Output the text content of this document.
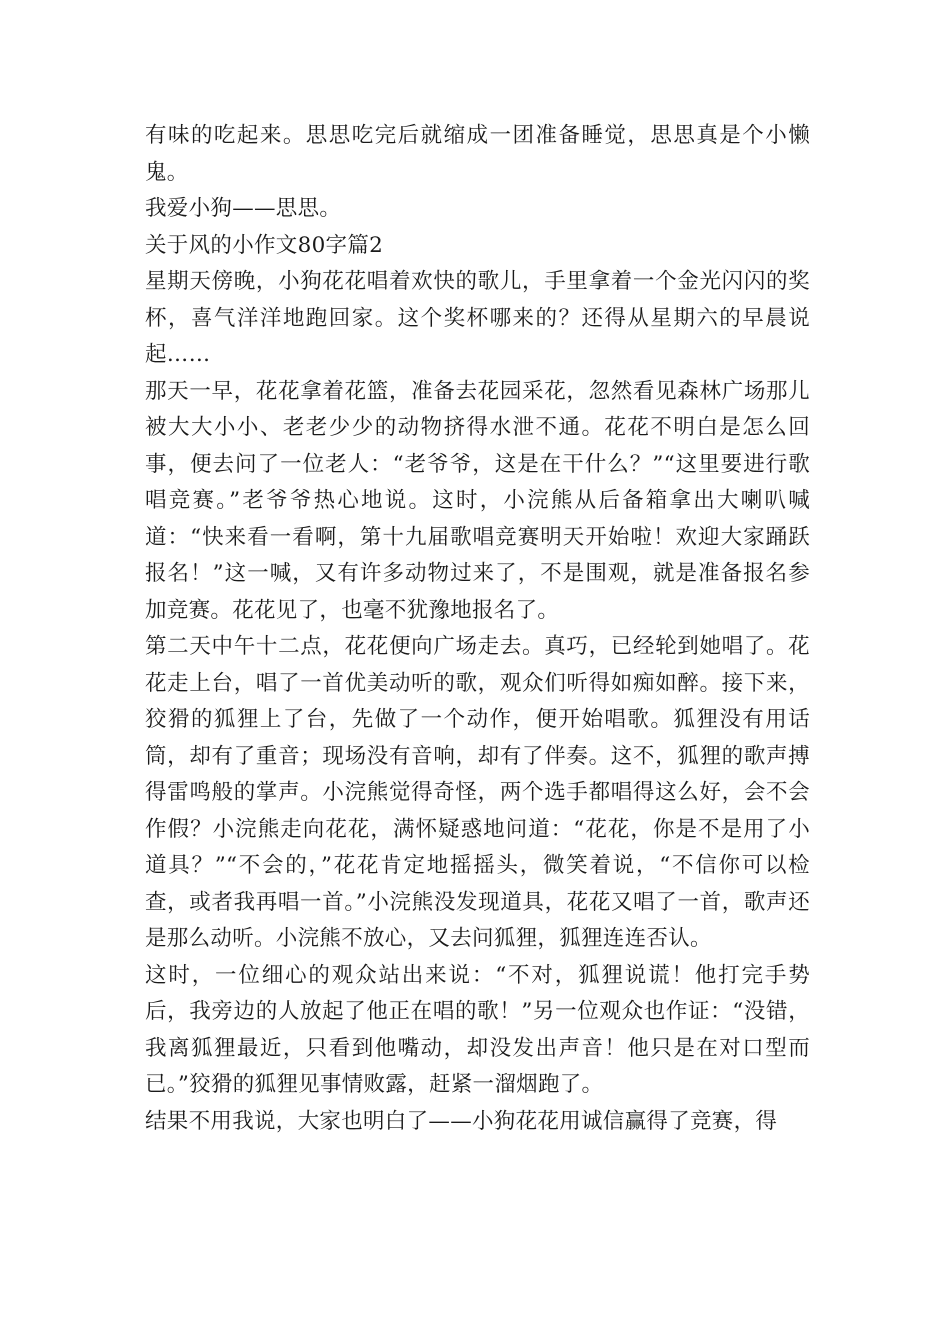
有味的吃起来。思思吃完后就缩成一团准备睡觉，思思真是个小懒鬼。

我爱小狗——思思。

关于风的小作文80字篇2

星期天傍晚，小狗花花唱着欢快的歌儿，手里拿着一个金光闪闪的奖杯，喜气洋洋地跑回家。这个奖杯哪来的？还得从星期六的早晨说起……

那天一早，花花拿着花篮，准备去花园采花，忽然看见森林广场那儿被大大小小、老老少少的动物挤得水泄不通。花花不明白是怎么回事，便去问了一位老人：“老爷爷，这是在干什么？”“这里要进行歌唱竞赛。”老爷爷热心地说。这时，小浣熊从后备箱拿出大喇叭喊道：“快来看一看啊，第十九届歌唱竞赛明天开始啦！欢迎大家踊跃报名！”这一喊，又有许多动物过来了，不是围观，就是准备报名参加竞赛。花花见了，也毫不犹豫地报名了。

第二天中午十二点，花花便向广场走去。真巧，已经轮到她唱了。花花走上台，唱了一首优美动听的歌，观众们听得如痴如醉。接下来，狡猾的狐狸上了台，先做了一个动作，便开始唱歌。狐狸没有用话筒，却有了重音；现场没有音响，却有了伴奏。这不，狐狸的歌声搏得雷鸣般的掌声。小浣熊觉得奇怪，两个选手都唱得这么好，会不会作假？小浣熊走向花花，满怀疑惑地问道：“花花，你是不是用了小道具？”“不会的，”花花肯定地摇摇头，微笑着说，“不信你可以检查，或者我再唱一首。”小浣熊没发现道具，花花又唱了一首，歌声还是那么动听。小浣熊不放心，又去问狐狸，狐狸连连否认。

这时，一位细心的观众站出来说：“不对，狐狸说谎！他打完手势后，我旁边的人放起了他正在唱的歌！”另一位观众也作证：“没错，我离狐狸最近，只看到他嘴动，却没发出声音！他只是在对口型而已。”狡猾的狐狸见事情败露，赶紧一溜烟跑了。

结果不用我说，大家也明白了——小狗花花用诚信赢得了竞赛，得
